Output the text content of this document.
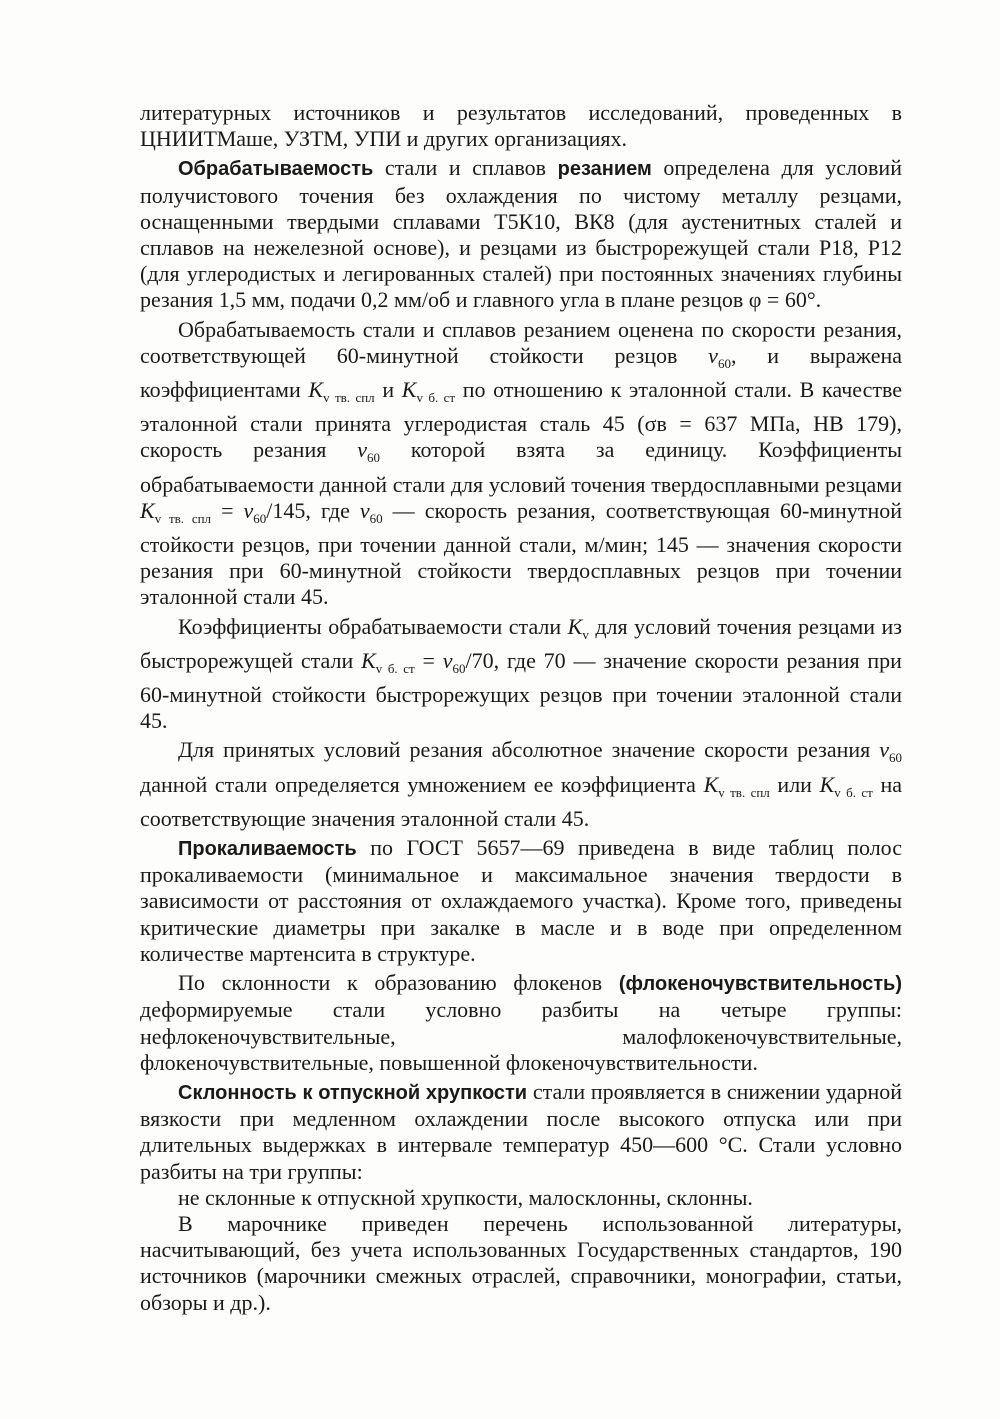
литературных источников и результатов исследований, проведенных в ЦНИИТМаше, УЗТМ, УПИ и других организациях.

Обрабатываемость стали и сплавов резанием определена для условий получистового точения без охлаждения по чистому металлу резцами, оснащенными твердыми сплавами Т5К10, ВК8 (для аустенитных сталей и сплавов на нежелезной основе), и резцами из быстрорежущей стали Р18, Р12 (для углеродистых и легированных сталей) при постоянных значениях глубины резания 1,5 мм, подачи 0,2 мм/об и главного угла в плане резцов φ = 60°.

Обрабатываемость стали и сплавов резанием оценена по скорости резания, соответствующей 60-минутной стойкости резцов $v_{60}$, и выражена коэффициентами $K_{v тв. спл}$ и $K_{v б. ст}$ по отношению к эталонной стали. В качестве эталонной стали принята углеродистая сталь 45 (σв = 637 МПа, НВ 179), скорость резания $v_{60}$ которой взята за единицу. Коэффициенты обрабатываемости данной стали для условий точения твердосплавными резцами $K_{v тв. спл} = v_{60}/145$, где $v_{60}$ — скорость резания, соответствующая 60-минутной стойкости резцов, при точении данной стали, м/мин; 145 — значения скорости резания при 60-минутной стойкости твердосплавных резцов при точении эталонной стали 45.

Коэффициенты обрабатываемости стали $K_v$ для условий точения резцами из быстрорежущей стали $K_{v б. ст} = v_{60}/70$, где 70 — значение скорости резания при 60-минутной стойкости быстрорежущих резцов при точении эталонной стали 45.

Для принятых условий резания абсолютное значение скорости резания $v_{60}$ данной стали определяется умножением ее коэффициента $K_{v тв. спл}$ или $K_{v б. ст}$ на соответствующие значения эталонной стали 45.

Прокаливаемость по ГОСТ 5657—69 приведена в виде таблиц полос прокаливаемости (минимальное и максимальное значения твердости в зависимости от расстояния от охлаждаемого участка). Кроме того, приведены критические диаметры при закалке в масле и в воде при определенном количестве мартенсита в структуре.

По склонности к образованию флокенов (флокеночувствительность) деформируемые стали условно разбиты на четыре группы: нефлокеночувствительные, малофлокеночувствительные, флокеночувствительные, повышенной флокеночувствительности.

Склонность к отпускной хрупкости стали проявляется в снижении ударной вязкости при медленном охлаждении после высокого отпуска или при длительных выдержках в интервале температур 450—600 °С. Стали условно разбиты на три группы:

не склонные к отпускной хрупкости, малосклонны, склонны.

В марочнике приведен перечень использованной литературы, насчитывающий, без учета использованных Государственных стандартов, 190 источников (марочники смежных отраслей, справочники, монографии, статьи, обзоры и др.).
